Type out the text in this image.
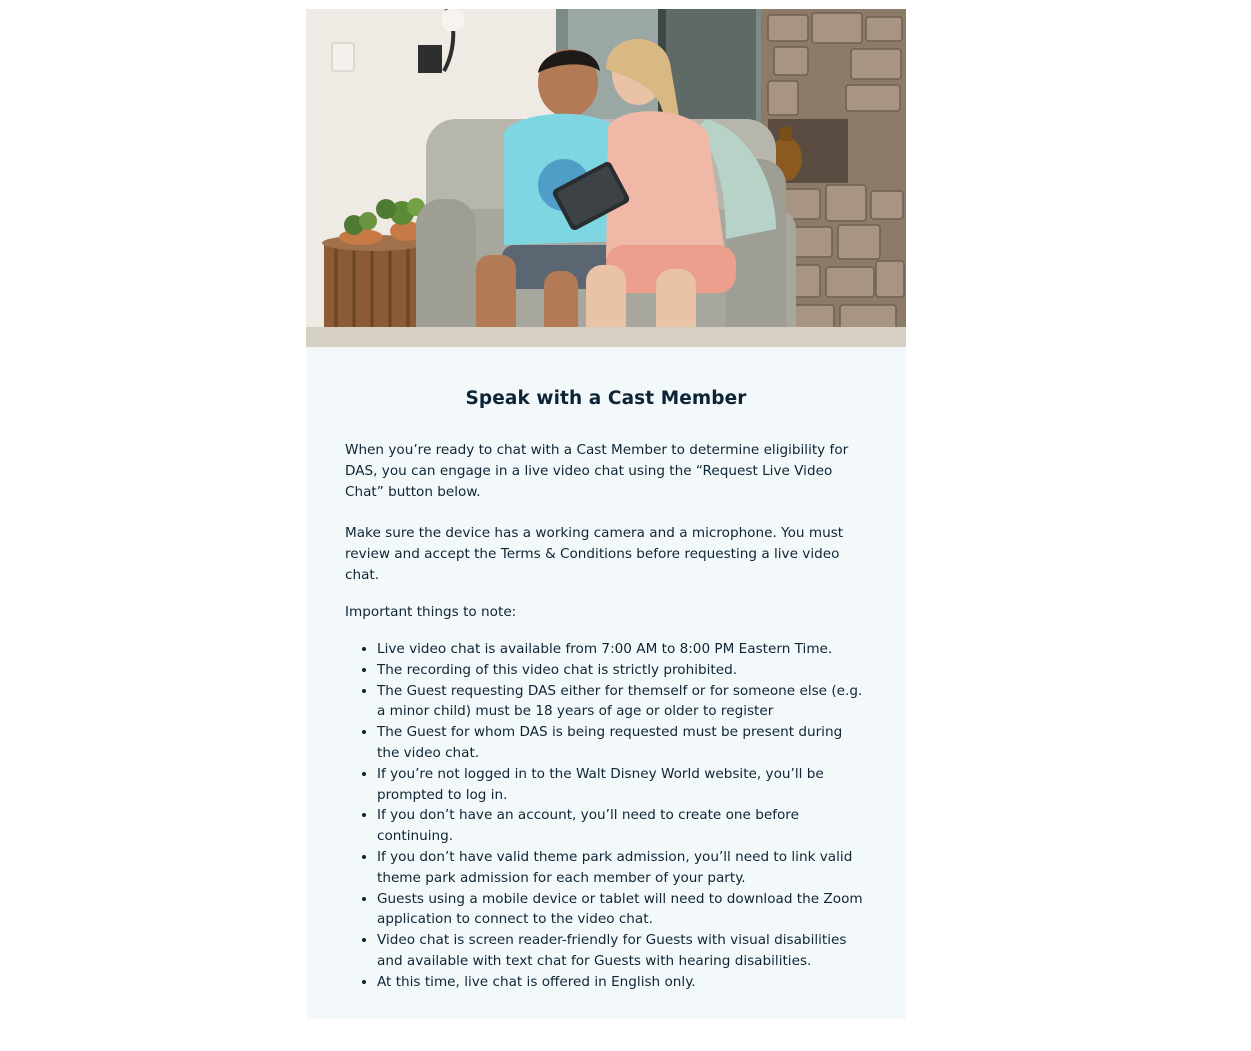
Speak with a Cast Member

When you’re ready to chat with a Cast Member to determine eligibility for DAS, you can engage in a live video chat using the “Request Live Video Chat” button below.

Make sure the device has a working camera and a microphone. You must review and accept the Terms & Conditions before requesting a live video chat.

Important things to note:

• Live video chat is available from 7:00 AM to 8:00 PM Eastern Time.
• The recording of this video chat is strictly prohibited.
• The Guest requesting DAS either for themself or for someone else (e.g. a minor child) must be 18 years of age or older to register
• The Guest for whom DAS is being requested must be present during the video chat.
• If you’re not logged in to the Walt Disney World website, you’ll be prompted to log in.
• If you don’t have an account, you’ll need to create one before continuing.
• If you don’t have valid theme park admission, you’ll need to link valid theme park admission for each member of your party.
• Guests using a mobile device or tablet will need to download the Zoom application to connect to the video chat.
• Video chat is screen reader-friendly for Guests with visual disabilities and available with text chat for Guests with hearing disabilities.
• At this time, live chat is offered in English only.
